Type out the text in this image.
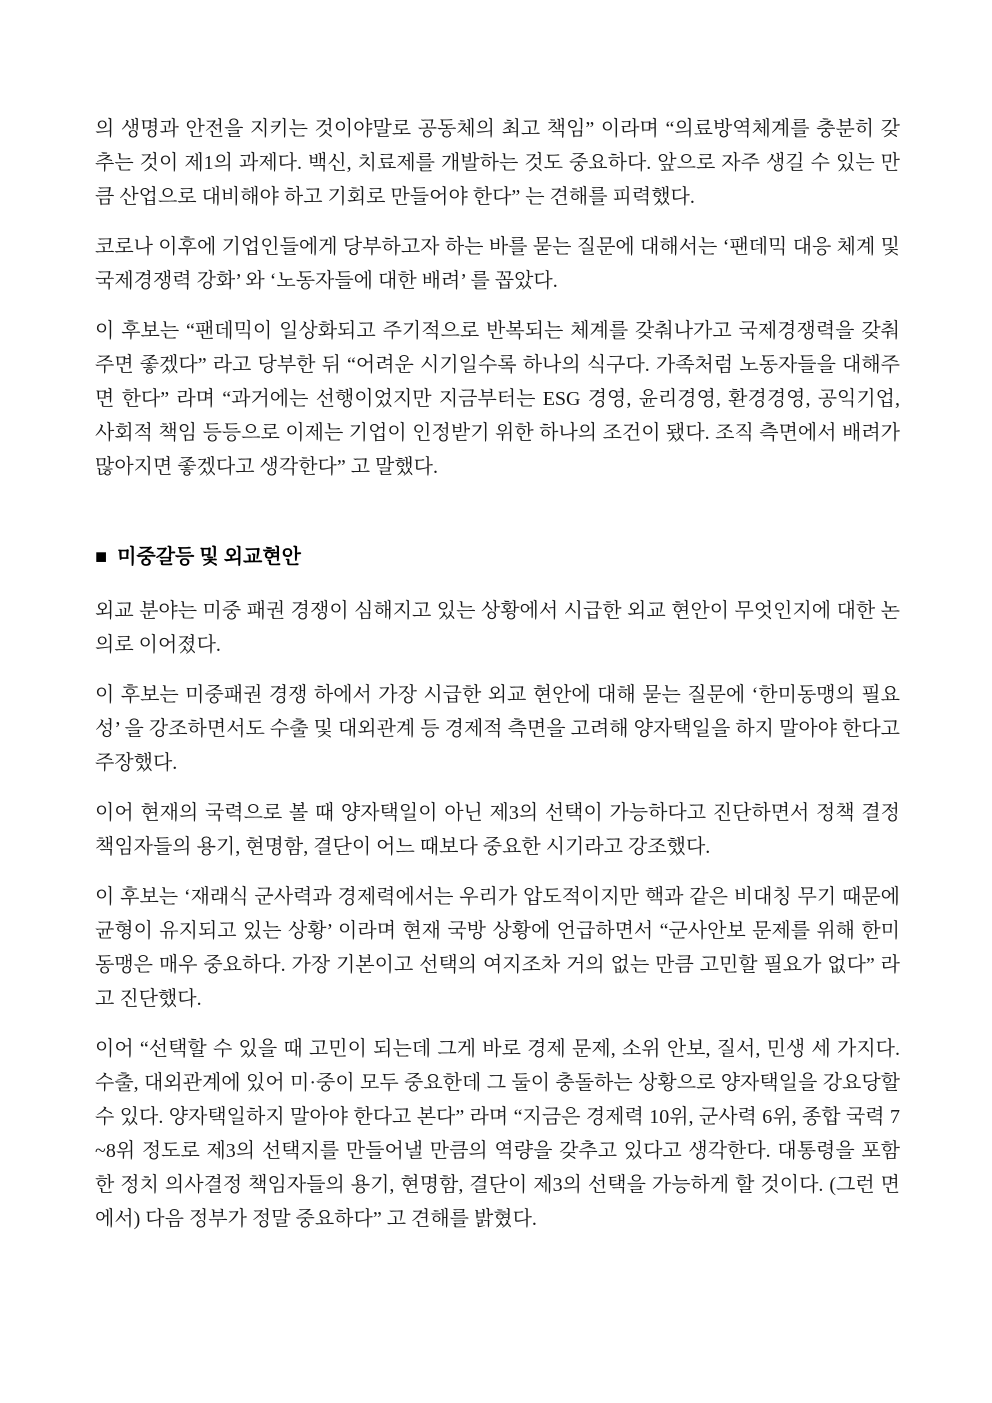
의 생명과 안전을 지키는 것이야말로 공동체의 최고 책임” 이라며 “의료방역체계를 충분히 갖추는 것이 제1의 과제다. 백신, 치료제를 개발하는 것도 중요하다. 앞으로 자주 생길 수 있는 만큼 산업으로 대비해야 하고 기회로 만들어야 한다” 는 견해를 피력했다.

코로나 이후에 기업인들에게 당부하고자 하는 바를 묻는 질문에 대해서는 ‘팬데믹 대응 체계 및 국제경쟁력 강화’ 와 ‘노동자들에 대한 배려’ 를 꼽았다.

이 후보는 “팬데믹이 일상화되고 주기적으로 반복되는 체계를 갖춰나가고 국제경쟁력을 갖춰주면 좋겠다” 라고 당부한 뒤 “어려운 시기일수록 하나의 식구다. 가족처럼 노동자들을 대해주면 한다” 라며 “과거에는 선행이었지만 지금부터는 ESG 경영, 윤리경영, 환경경영, 공익기업, 사회적 책임 등등으로 이제는 기업이 인정받기 위한 하나의 조건이 됐다. 조직 측면에서 배려가 많아지면 좋겠다고 생각한다” 고 말했다.

■ 미중갈등 및 외교현안

외교 분야는 미중 패권 경쟁이 심해지고 있는 상황에서 시급한 외교 현안이 무엇인지에 대한 논의로 이어졌다.

이 후보는 미중패권 경쟁 하에서 가장 시급한 외교 현안에 대해 묻는 질문에 ‘한미동맹의 필요성’ 을 강조하면서도 수출 및 대외관계 등 경제적 측면을 고려해 양자택일을 하지 말아야 한다고 주장했다.

이어 현재의 국력으로 볼 때 양자택일이 아닌 제3의 선택이 가능하다고 진단하면서 정책 결정 책임자들의 용기, 현명함, 결단이 어느 때보다 중요한 시기라고 강조했다.

이 후보는 ‘재래식 군사력과 경제력에서는 우리가 압도적이지만 핵과 같은 비대칭 무기 때문에 균형이 유지되고 있는 상황’ 이라며 현재 국방 상황에 언급하면서 “군사안보 문제를 위해 한미동맹은 매우 중요하다. 가장 기본이고 선택의 여지조차 거의 없는 만큼 고민할 필요가 없다” 라고 진단했다.

이어 “선택할 수 있을 때 고민이 되는데 그게 바로 경제 문제, 소위 안보, 질서, 민생 세 가지다. 수출, 대외관계에 있어 미·중이 모두 중요한데 그 둘이 충돌하는 상황으로 양자택일을 강요당할 수 있다. 양자택일하지 말아야 한다고 본다” 라며 “지금은 경제력 10위, 군사력 6위, 종합 국력 7~8위 정도로 제3의 선택지를 만들어낼 만큼의 역량을 갖추고 있다고 생각한다. 대통령을 포함한 정치 의사결정 책임자들의 용기, 현명함, 결단이 제3의 선택을 가능하게 할 것이다. (그런 면에서) 다음 정부가 정말 중요하다” 고 견해를 밝혔다.
